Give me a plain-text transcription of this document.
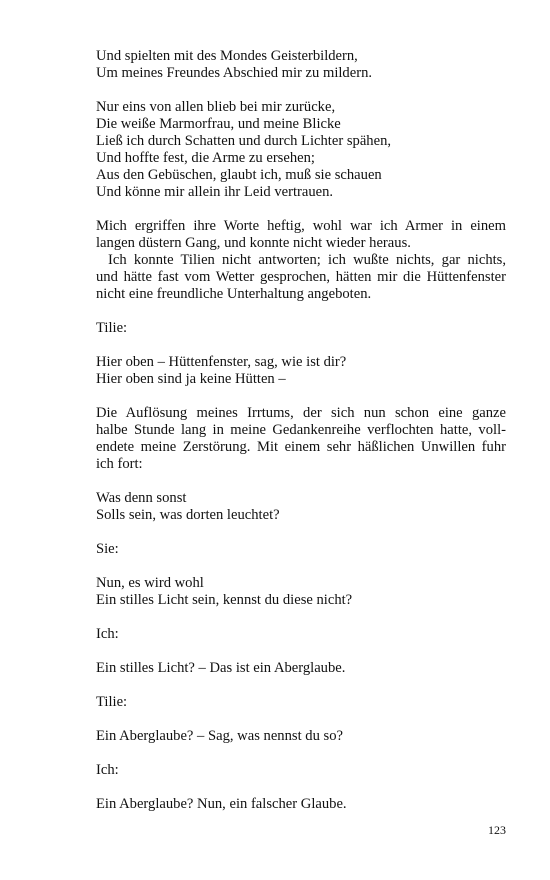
Und spielten mit des Mondes Geisterbildern,
Um meines Freundes Abschied mir zu mildern.
Nur eins von allen blieb bei mir zurücke,
Die weiße Marmorfrau, und meine Blicke
Ließ ich durch Schatten und durch Lichter spähen,
Und hoffte fest, die Arme zu ersehen;
Aus den Gebüschen, glaubt ich, muß sie schauen
Und könne mir allein ihr Leid vertrauen.
Mich ergriffen ihre Worte heftig, wohl war ich Armer in einem
langen düstern Gang, und konnte nicht wieder heraus.
Ich konnte Tilien nicht antworten; ich wußte nichts, gar nichts,
und hätte fast vom Wetter gesprochen, hätten mir die Hüttenfenster
nicht eine freundliche Unterhaltung angeboten.
Tilie:
Hier oben – Hüttenfenster, sag, wie ist dir?
Hier oben sind ja keine Hütten –
Die Auflösung meines Irrtums, der sich nun schon eine ganze
halbe Stunde lang in meine Gedankenreihe verflochten hatte, voll-
endete meine Zerstörung. Mit einem sehr häßlichen Unwillen fuhr
ich fort:
Was denn sonst
Solls sein, was dorten leuchtet?
Sie:
Nun, es wird wohl
Ein stilles Licht sein, kennst du diese nicht?
Ich:
Ein stilles Licht? – Das ist ein Aberglaube.
Tilie:
Ein Aberglaube? – Sag, was nennst du so?
Ich:
Ein Aberglaube? Nun, ein falscher Glaube.
123
